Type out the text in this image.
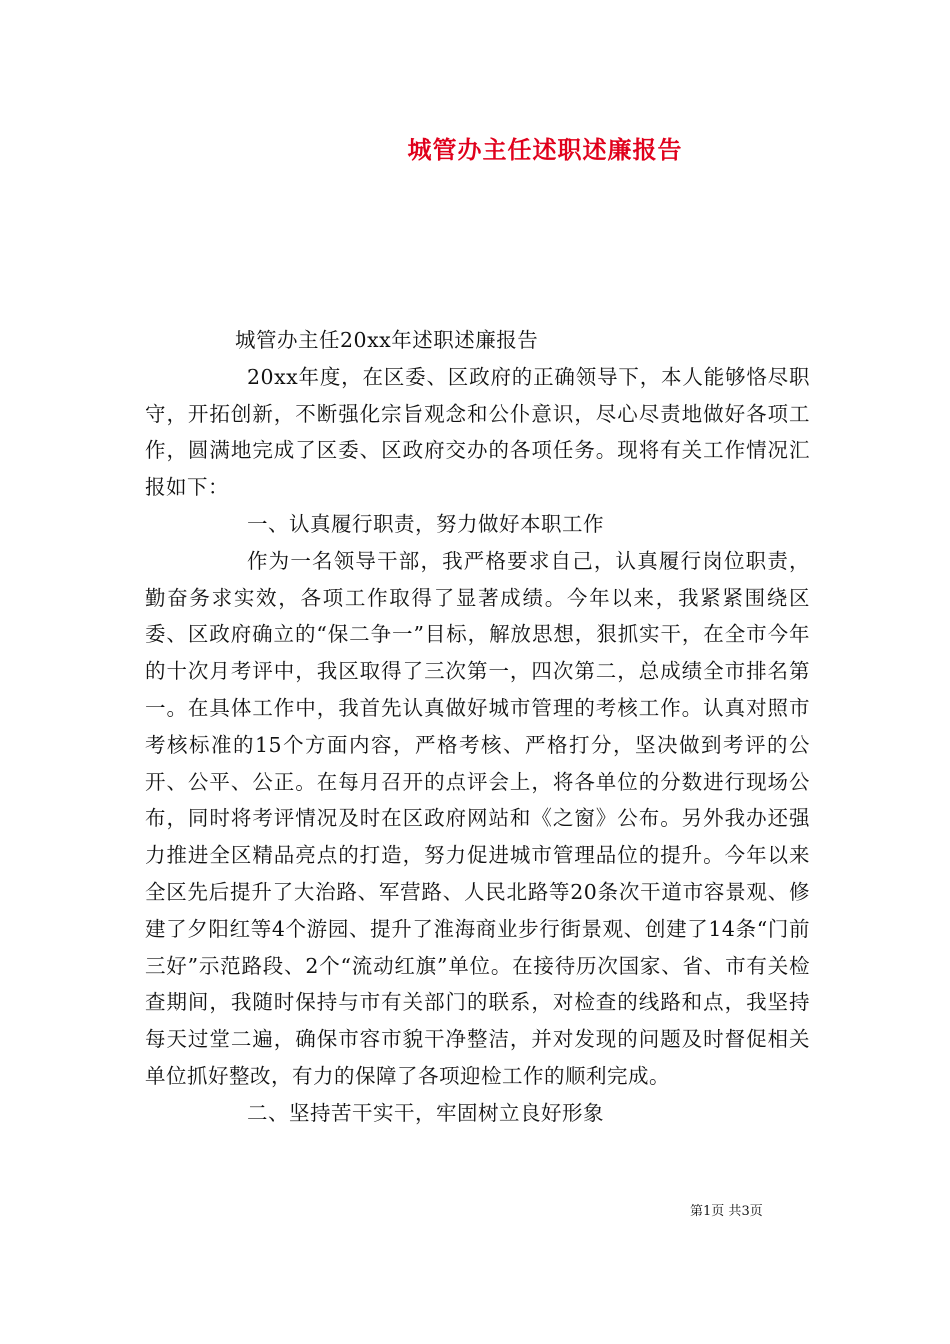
城管办主任述职述廉报告

城管办主任20xx年述职述廉报告

20xx年度，在区委、区政府的正确领导下，本人能够恪尽职守，开拓创新，不断强化宗旨观念和公仆意识，尽心尽责地做好各项工作，圆满地完成了区委、区政府交办的各项任务。现将有关工作情况汇报如下：

一、认真履行职责，努力做好本职工作

作为一名领导干部，我严格要求自己，认真履行岗位职责，勤奋务求实效，各项工作取得了显著成绩。今年以来，我紧紧围绕区委、区政府确立的“保二争一”目标，解放思想，狠抓实干，在全市今年的十次月考评中，我区取得了三次第一，四次第二，总成绩全市排名第一。在具体工作中，我首先认真做好城市管理的考核工作。认真对照市考核标准的15个方面内容，严格考核、严格打分，坚决做到考评的公开、公平、公正。在每月召开的点评会上，将各单位的分数进行现场公布，同时将考评情况及时在区政府网站和《之窗》公布。另外我办还强力推进全区精品亮点的打造，努力促进城市管理品位的提升。今年以来全区先后提升了大治路、军营路、人民北路等20条次干道市容景观、修建了夕阳红等4个游园、提升了淮海商业步行街景观、创建了14条“门前三好”示范路段、2个“流动红旗”单位。在接待历次国家、省、市有关检查期间，我随时保持与市有关部门的联系，对检查的线路和点，我坚持每天过堂二遍，确保市容市貌干净整洁，并对发现的问题及时督促相关单位抓好整改，有力的保障了各项迎检工作的顺利完成。

二、坚持苦干实干，牢固树立良好形象

第1页 共3页
